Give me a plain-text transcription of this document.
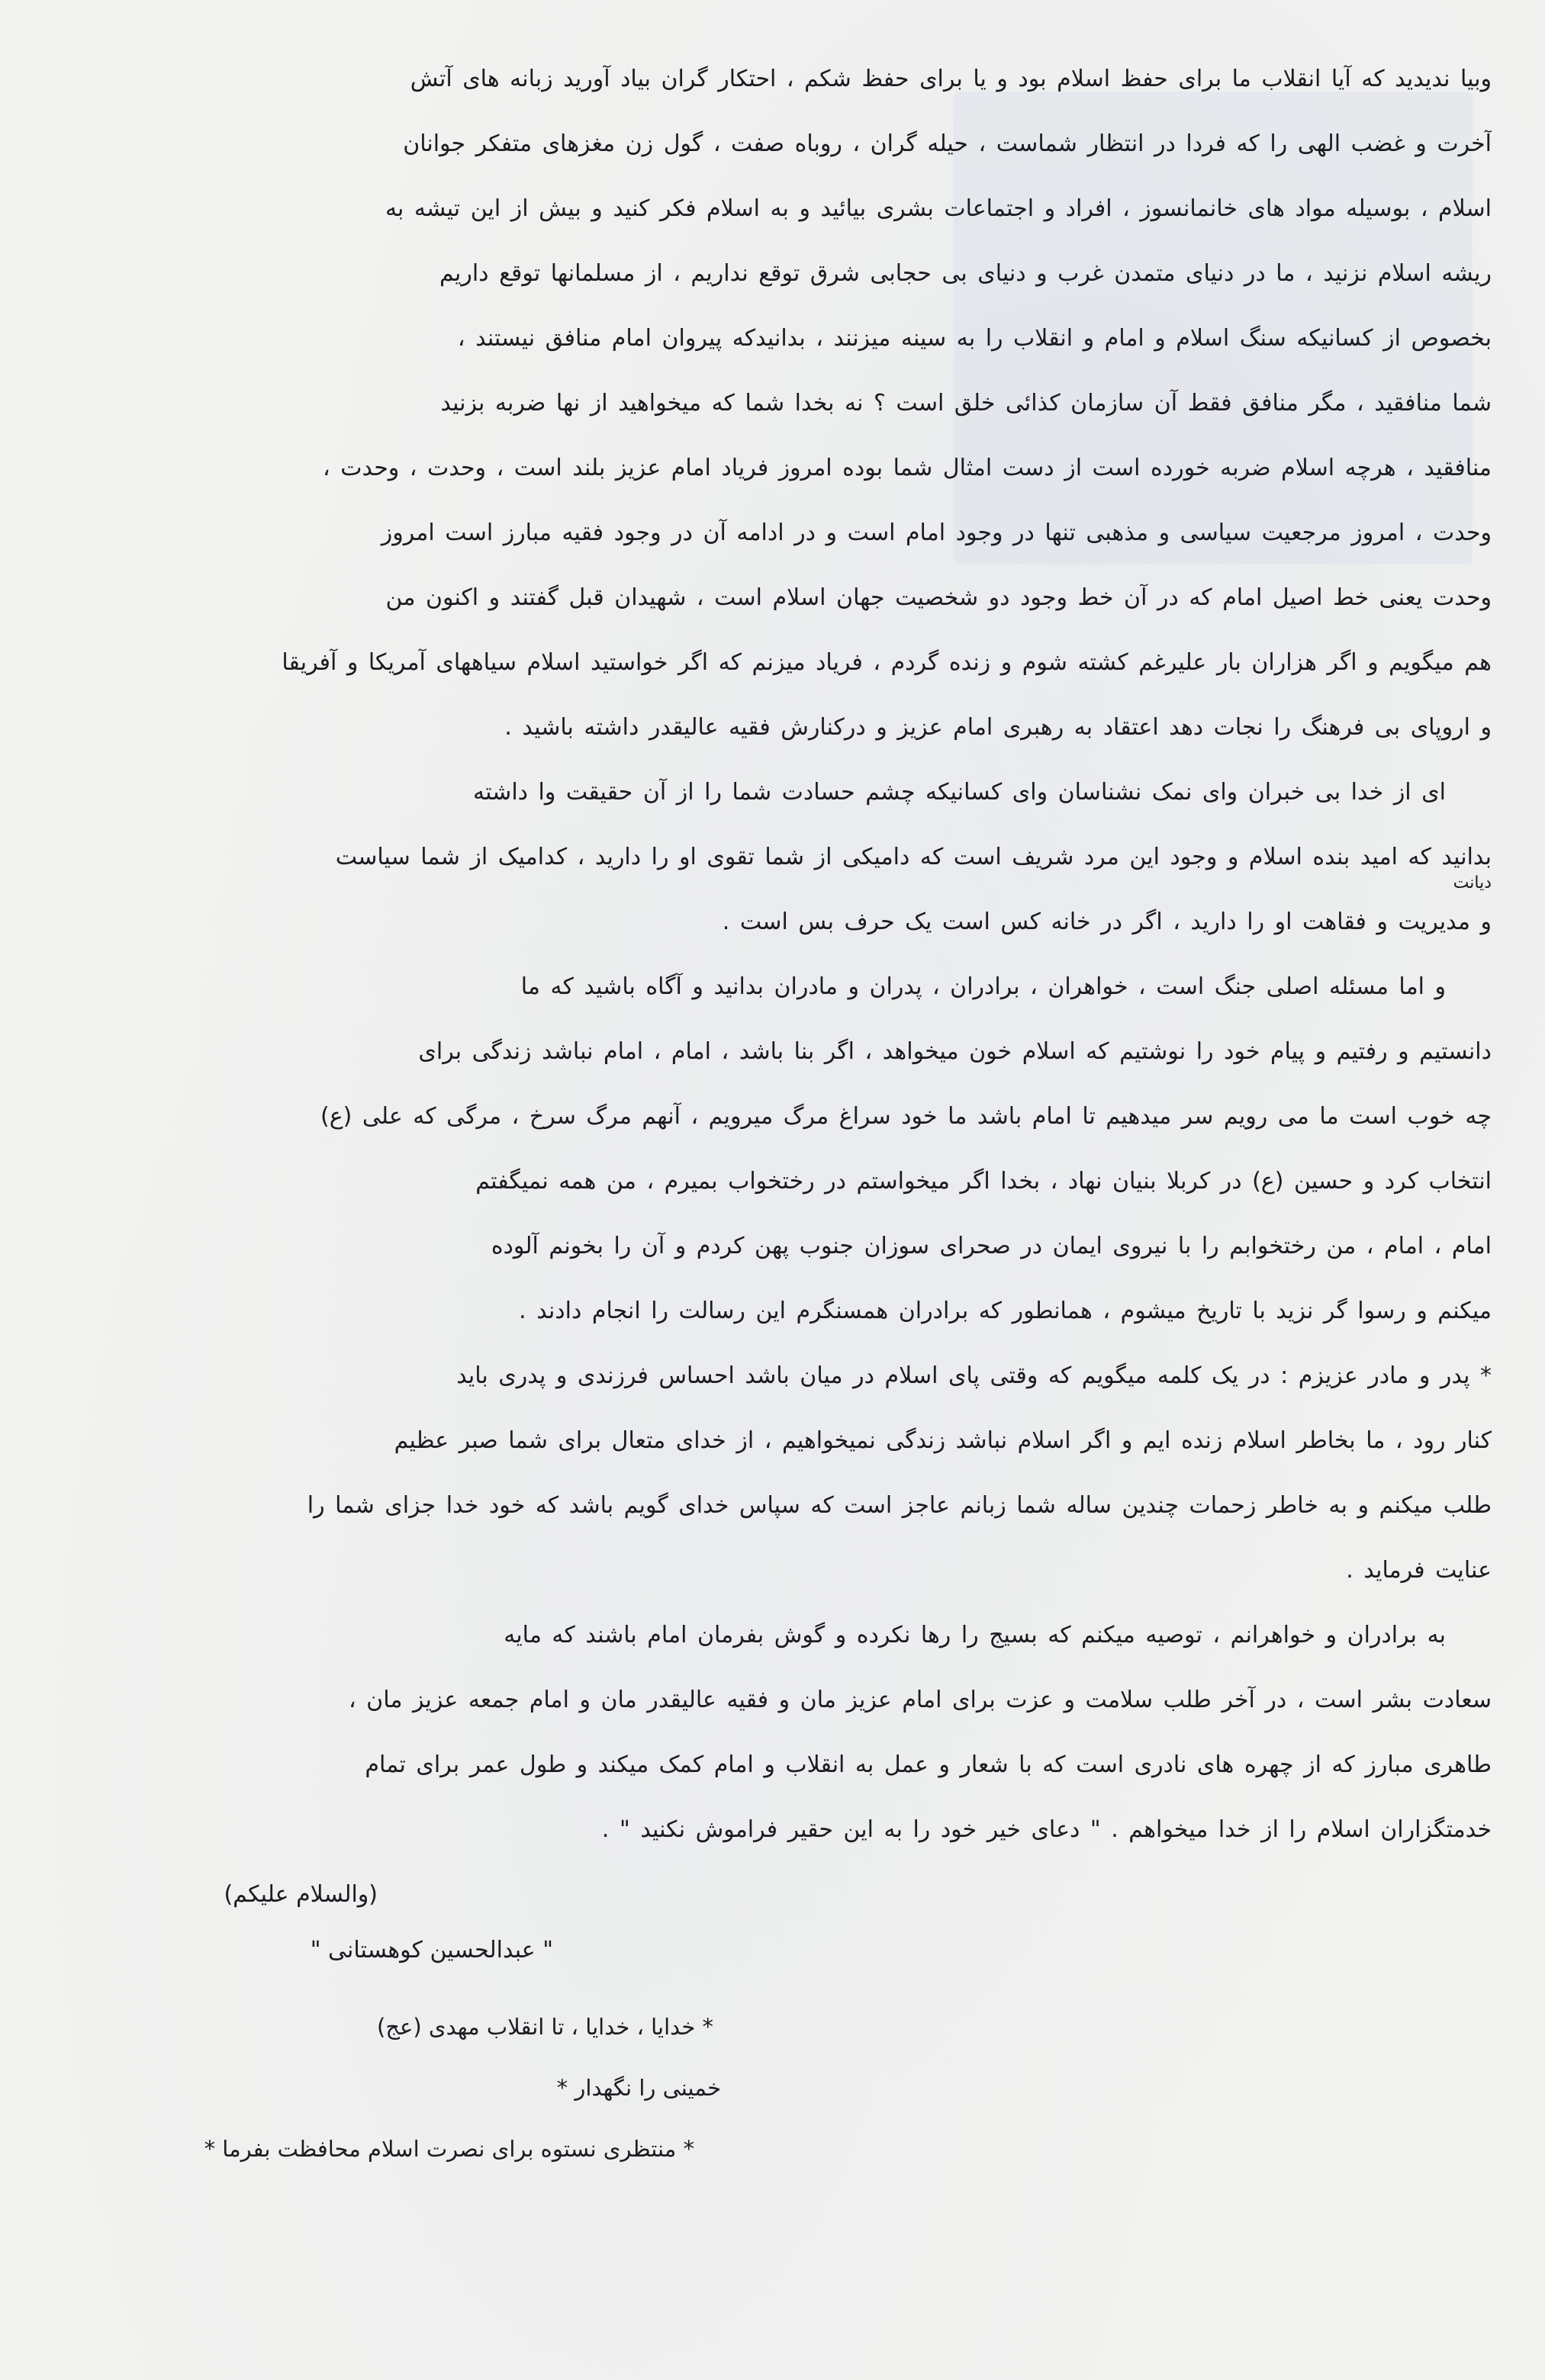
وبیا ندیدید که آیا انقلاب ما برای حفظ اسلام بود و یا برای حفظ شکم ، احتکار گران بیاد آورید زبانه های آتش
آخرت و غضب الهی را که فردا در انتظار شماست ، حیله گران ، روباه صفت ، گول زن مغزهای متفکر جوانان
اسلام ، بوسیله مواد های خانمانسوز ، افراد و اجتماعات بشری بیائید و به اسلام فکر کنید و بیش از این تیشه به
ریشه اسلام نزنید ، ما در دنیای متمدن غرب و دنیای بی حجابی شرق توقع نداریم ، از مسلمانها توقع داریم
بخصوص از کسانیکه سنگ اسلام و امام و انقلاب را به سینه میزنند ، بدانیدکه پیروان امام منافق نیستند ،
شما منافقید ، مگر منافق فقط آن سازمان کذائی خلق است ؟ نه بخدا شما که میخواهید از نها ضربه بزنید
منافقید ، هرچه اسلام ضربه خورده است از دست امثال شما بوده امروز فریاد امام عزیز بلند است ، وحدت ، وحدت ،
وحدت ، امروز مرجعیت سیاسی و مذهبی تنها در وجود امام است و در ادامه آن در وجود فقیه مبارز است امروز
وحدت یعنی خط اصیل امام که در آن خط وجود دو شخصیت جهان اسلام است ، شهیدان قبل گفتند و اکنون من
هم میگویم و اگر هزاران بار علیرغم کشته شوم و زنده گردم ، فریاد میزنم که اگر خواستید اسلام سیاههای آمریکا و آفریقا
و اروپای بی فرهنگ را نجات دهد اعتقاد به رهبری امام عزیز و درکنارش فقیه عالیقدر داشته باشید .
ای از خدا بی خبران وای نمک نشناسان وای کسانیکه چشم حسادت شما را از آن حقیقت وا داشته
بدانید که امید بنده اسلام و وجود این مرد شریف است که دامیکی از شما تقوی او را دارید ، کدامیک از شما سیاست
دیانت
و مدیریت و فقاهت او را دارید ، اگر در خانه کس است یک حرف بس است .
و اما مسئله اصلی جنگ است ، خواهران ، برادران ، پدران و مادران بدانید و آگاه باشید که ما
دانستیم و رفتیم و پیام خود را نوشتیم که اسلام خون میخواهد ، اگر بنا باشد ، امام ، امام نباشد زندگی برای
چه خوب است ما می رویم سر میدهیم تا امام باشد ما خود سراغ مرگ میرویم ، آنهم مرگ سرخ ، مرگی که علی (ع)
انتخاب کرد و حسین (ع) در کربلا بنیان نهاد ، بخدا اگر میخواستم در رختخواب بمیرم ، من همه نمیگفتم
امام ، امام ، من رختخوابم را با نیروی ایمان در صحرای سوزان جنوب پهن کردم و آن را بخونم آلوده
میکنم و رسوا گر نزید با تاریخ میشوم ، همانطور که برادران همسنگرم این رسالت را انجام دادند .
* پدر و مادر عزیزم : در یک کلمه میگویم که وقتی پای اسلام در میان باشد احساس فرزندی و پدری باید
کنار رود ، ما بخاطر اسلام زنده ایم و اگر اسلام نباشد زندگی نمیخواهیم ، از خدای متعال برای شما صبر عظیم
طلب میکنم و به خاطر زحمات چندین ساله شما زبانم عاجز است که سپاس خدای گویم باشد که خود خدا جزای شما را
عنایت فرماید .
به برادران و خواهرانم ، توصیه میکنم که بسیج را رها نکرده و گوش بفرمان امام باشند که مایه
سعادت بشر است ، در آخر طلب سلامت و عزت برای امام عزیز مان و فقیه عالیقدر مان و امام جمعه عزیز مان ،
طاهری مبارز که از چهره های نادری است که با شعار و عمل به انقلاب و امام کمک میکند و طول عمر برای تمام
خدمتگزاران اسلام را از خدا میخواهم . " دعای خیر خود را به این حقیر فراموش نکنید " .
(والسلام علیکم)
" عبدالحسین کوهستانی "
* خدایا ، خدایا ، تا انقلاب مهدی (عج)
خمینی را نگهدار *
* منتظری نستوه برای نصرت اسلام محافظت بفرما *
